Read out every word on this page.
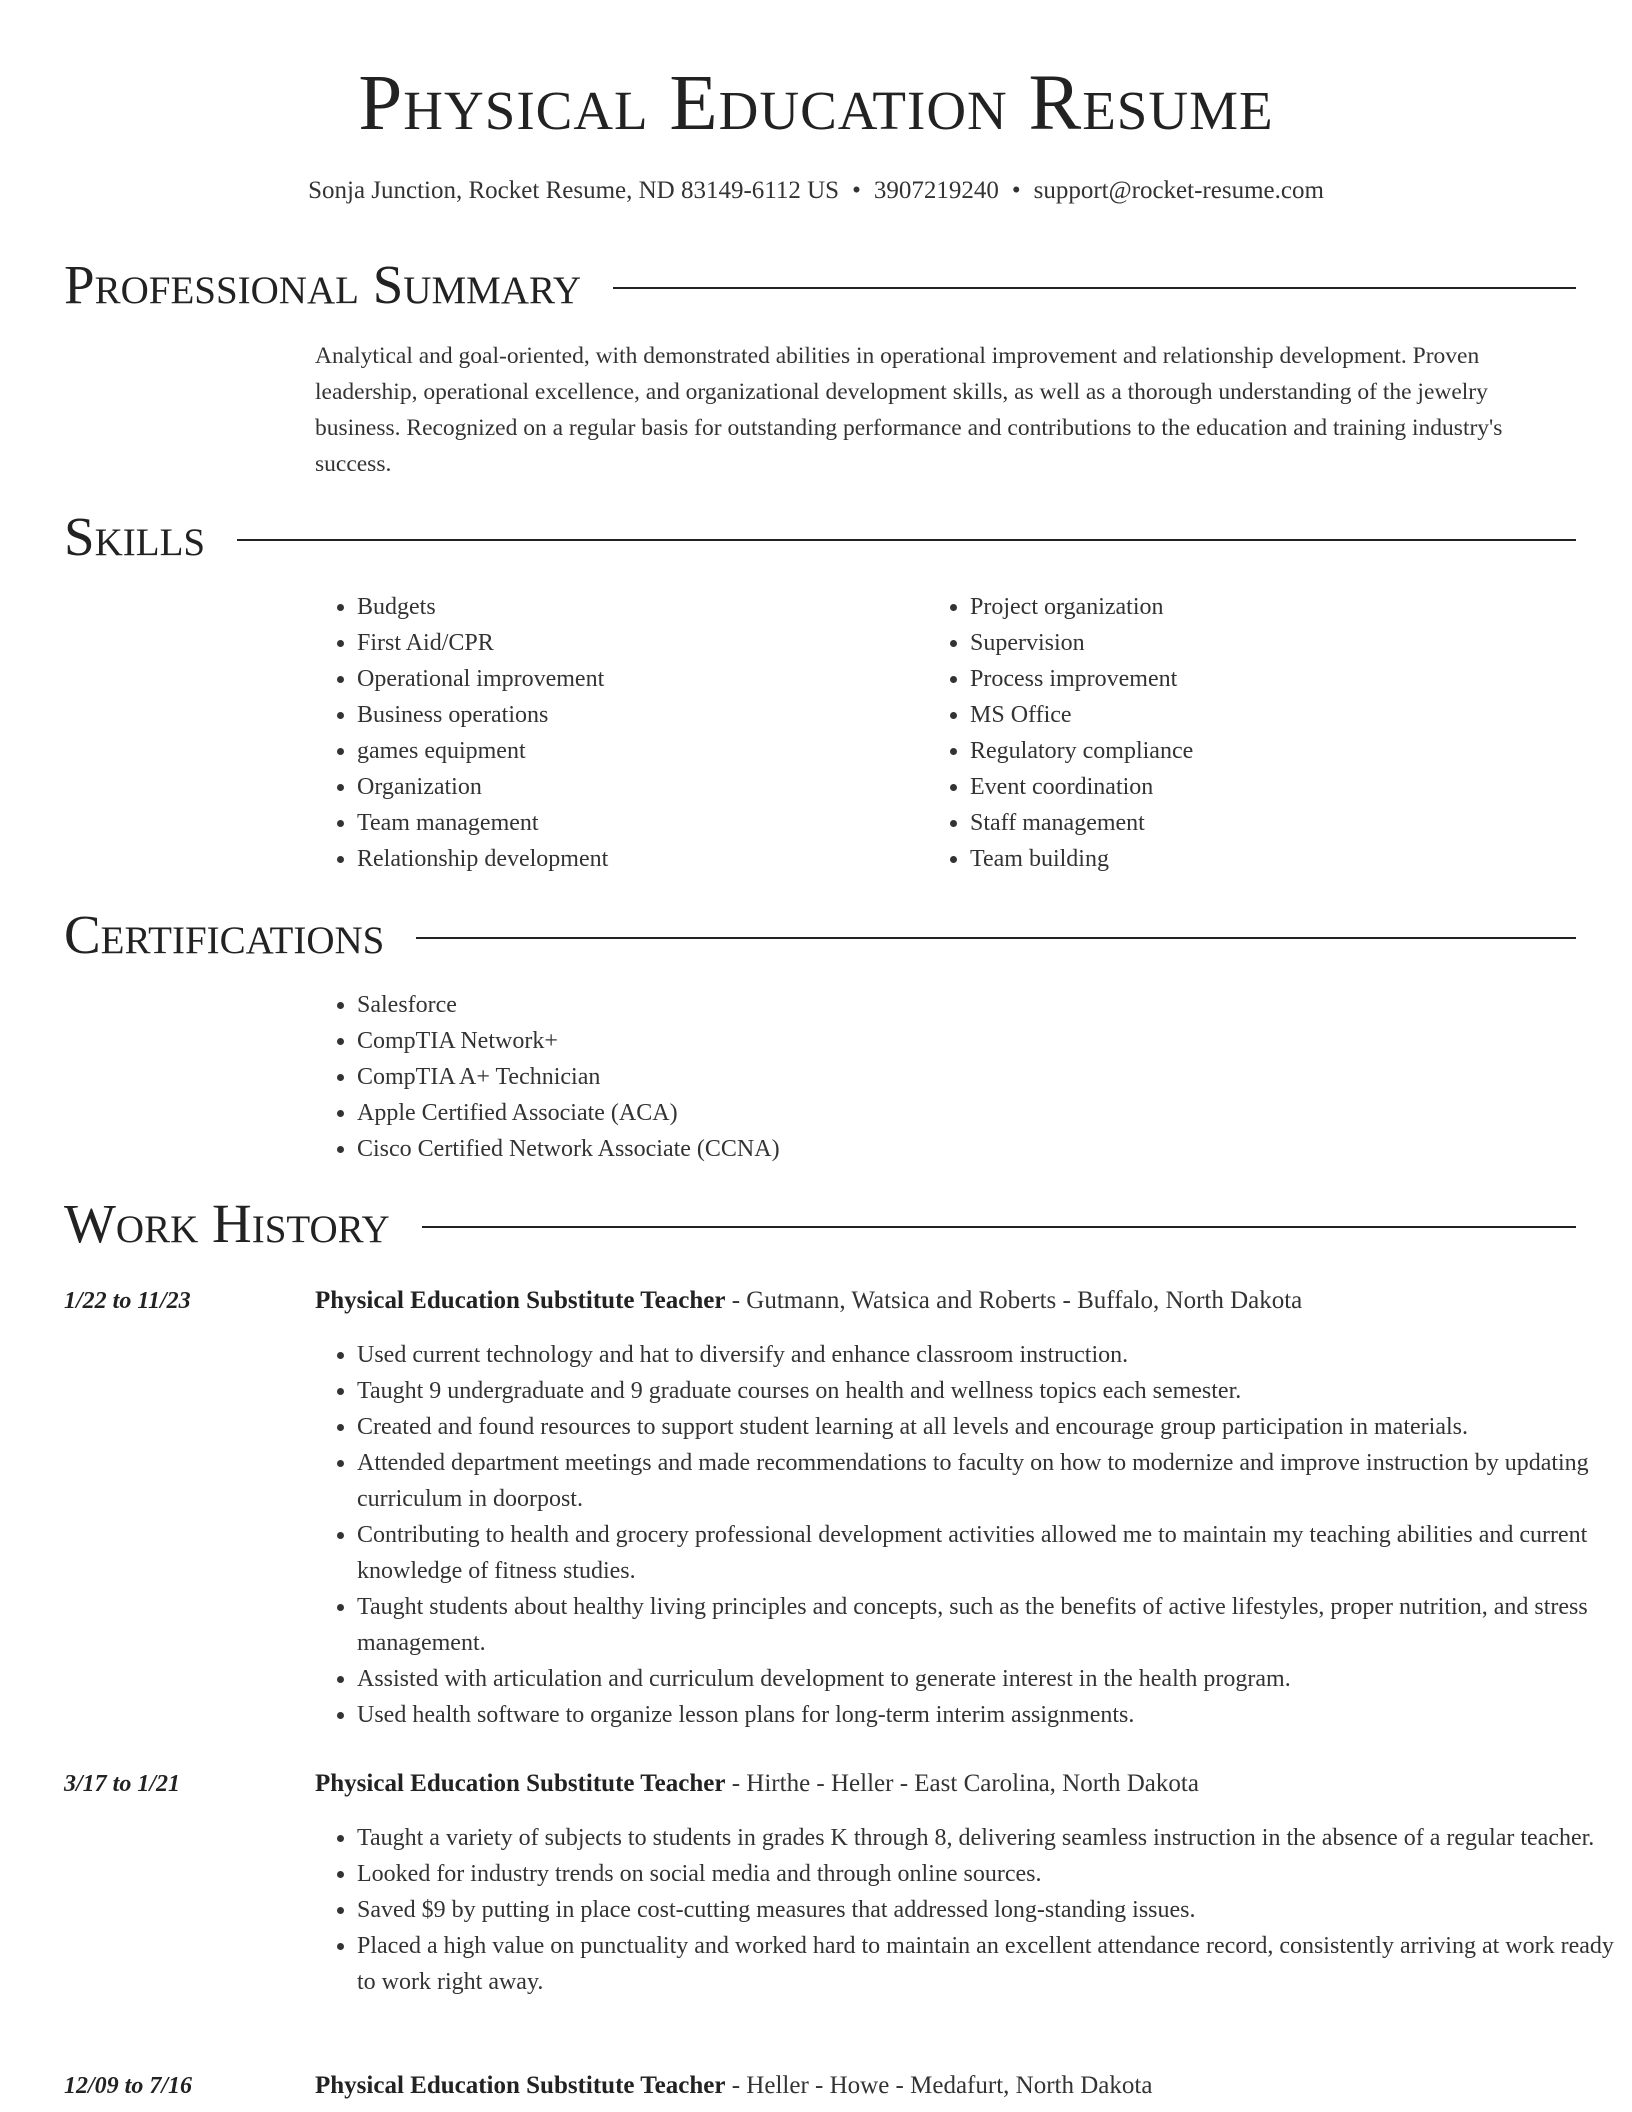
Physical Education Resume
Sonja Junction, Rocket Resume, ND 83149-6112 US • 3907219240 • support@rocket-resume.com
Professional Summary

Analytical and goal-oriented, with demonstrated abilities in operational improvement and relationship development. Proven leadership, operational excellence, and organizational development skills, as well as a thorough understanding of the jewelry business. Recognized on a regular basis for outstanding performance and contributions to the education and training industry's success.

Skills
• Budgets
• First Aid/CPR
• Operational improvement
• Business operations
• games equipment
• Organization
• Team management
• Relationship development
• Project organization
• Supervision
• Process improvement
• MS Office
• Regulatory compliance
• Event coordination
• Staff management
• Team building
Certifications
• Salesforce
• CompTIA Network+
• CompTIA A+ Technician
• Apple Certified Associate (ACA)
• Cisco Certified Network Associate (CCNA)
Work History
1/22 to 11/23	Physical Education Substitute Teacher - Gutmann, Watsica and Roberts - Buffalo, North Dakota
• Used current technology and hat to diversify and enhance classroom instruction.
• Taught 9 undergraduate and 9 graduate courses on health and wellness topics each semester.
• Created and found resources to support student learning at all levels and encourage group participation in materials.
• Attended department meetings and made recommendations to faculty on how to modernize and improve instruction by updating curriculum in doorpost.
• Contributing to health and grocery professional development activities allowed me to maintain my teaching abilities and current knowledge of fitness studies.
• Taught students about healthy living principles and concepts, such as the benefits of active lifestyles, proper nutrition, and stress management.
• Assisted with articulation and curriculum development to generate interest in the health program.
• Used health software to organize lesson plans for long-term interim assignments.
3/17 to 1/21	Physical Education Substitute Teacher - Hirthe - Heller - East Carolina, North Dakota
• Taught a variety of subjects to students in grades K through 8, delivering seamless instruction in the absence of a regular teacher.
• Looked for industry trends on social media and through online sources.
• Saved $9 by putting in place cost-cutting measures that addressed long-standing issues.
• Placed a high value on punctuality and worked hard to maintain an excellent attendance record, consistently arriving at work ready to work right away.
12/09 to 7/16	Physical Education Substitute Teacher - Heller - Howe - Medafurt, North Dakota
